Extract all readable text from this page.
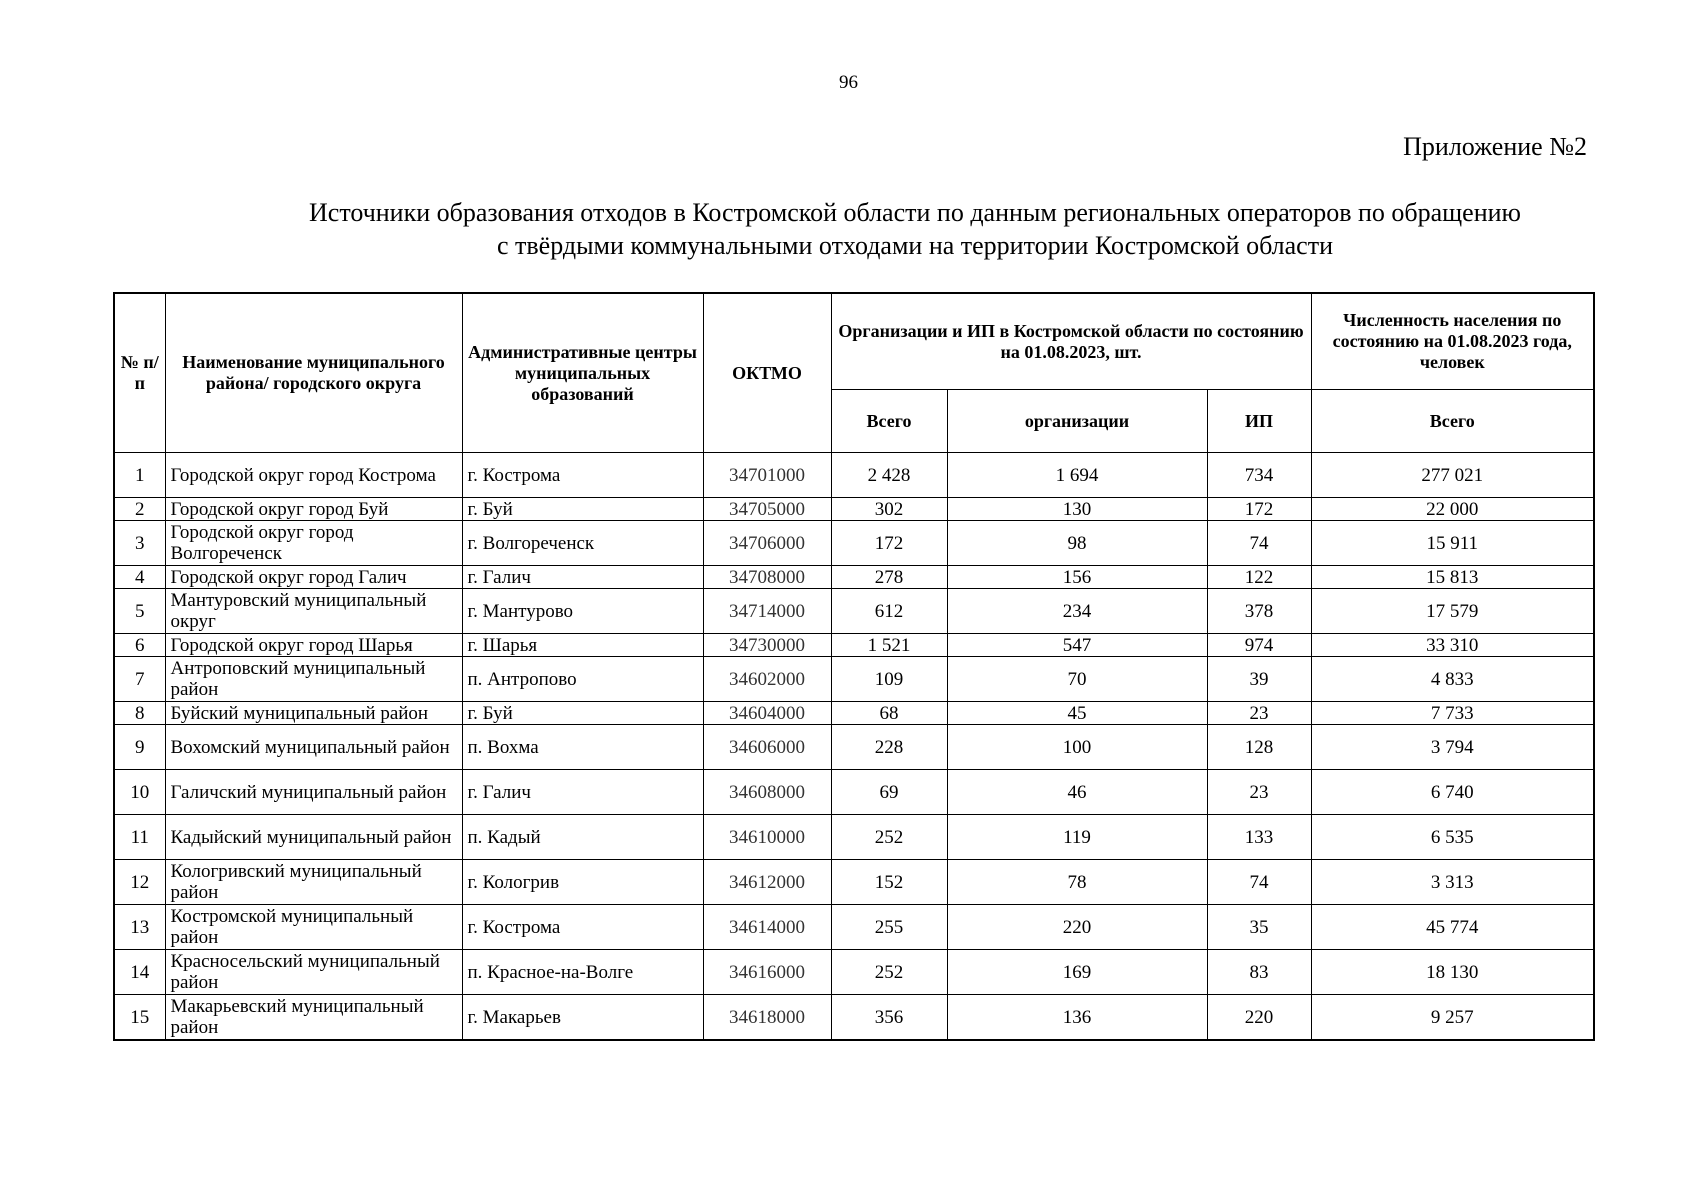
96
Приложение №2
Источники образования отходов в Костромской области по данным региональных операторов по обращению
с твёрдыми коммунальными отходами на территории Костромской области
№ п/п	Наименование муниципального района/ городского округа	Административные центры муниципальных образований	ОКТМО	Организации и ИП в Костромской области по состоянию на 01.08.2023, шт.			Численность населения по состоянию на 01.08.2023 года, человек
				Всего	организации	ИП	Всего
1	Городской округ город Кострома	г. Кострома	34701000	2 428	1 694	734	277 021
2	Городской округ город Буй	г. Буй	34705000	302	130	172	22 000
3	Городской округ город Волгореченск	г. Волгореченск	34706000	172	98	74	15 911
4	Городской округ город Галич	г. Галич	34708000	278	156	122	15 813
5	Мантуровский муниципальный округ	г. Мантурово	34714000	612	234	378	17 579
6	Городской округ город Шарья	г. Шарья	34730000	1 521	547	974	33 310
7	Антроповский муниципальный район	п. Антропово	34602000	109	70	39	4 833
8	Буйский муниципальный район	г. Буй	34604000	68	45	23	7 733
9	Вохомский муниципальный район	п. Вохма	34606000	228	100	128	3 794
10	Галичский муниципальный район	г. Галич	34608000	69	46	23	6 740
11	Кадыйский муниципальный район	п. Кадый	34610000	252	119	133	6 535
12	Кологривский муниципальный район	г. Кологрив	34612000	152	78	74	3 313
13	Костромской муниципальный район	г. Кострома	34614000	255	220	35	45 774
14	Красносельский муниципальный район	п. Красное-на-Волге	34616000	252	169	83	18 130
15	Макарьевский муниципальный район	г. Макарьев	34618000	356	136	220	9 257
